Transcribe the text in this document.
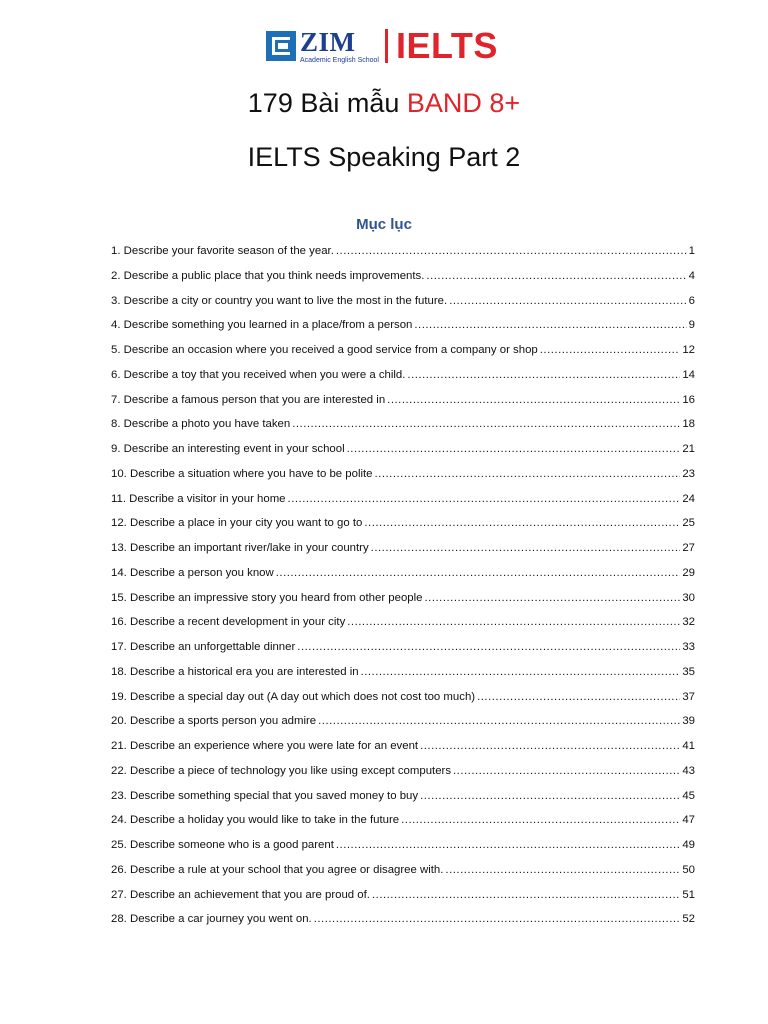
ZIM
Academic English School IELTS
179 Bài mẫu BAND 8+
IELTS Speaking Part 2
Mục lục
1. Describe your favorite season of the year. .....	1
2. Describe a public place that you think needs improvements. .....	4
3. Describe a city or country you want to live the most in the future. .....	6
4. Describe something you learned in a place/from a person .....	9
5. Describe an occasion where you received a good service from a company or shop .....	12
6. Describe a toy that you received when you were a child. .....	14
7. Describe a famous person that you are interested in .....	16
8. Describe a photo you have taken .....	18
9. Describe an interesting event in your school .....	21
10. Describe a situation where you have to be polite .....	23
11. Describe a visitor in your home .....	24
12. Describe a place in your city you want to go to .....	25
13. Describe an important river/lake in your country .....	27
14. Describe a person you know .....	29
15. Describe an impressive story you heard from other people .....	30
16. Describe a recent development in your city .....	32
17. Describe an unforgettable dinner .....	33
18. Describe a historical era you are interested in .....	35
19. Describe a special day out (A day out which does not cost too much) .....	37
20. Describe a sports person you admire .....	39
21. Describe an experience where you were late for an event .....	41
22. Describe a piece of technology you like using except computers .....	43
23. Describe something special that you saved money to buy .....	45
24. Describe a holiday you would like to take in the future .....	47
25. Describe someone who is a good parent .....	49
26. Describe a rule at your school that you agree or disagree with. .....	50
27. Describe an achievement that you are proud of. .....	51
28. Describe a car journey you went on. .....	52
